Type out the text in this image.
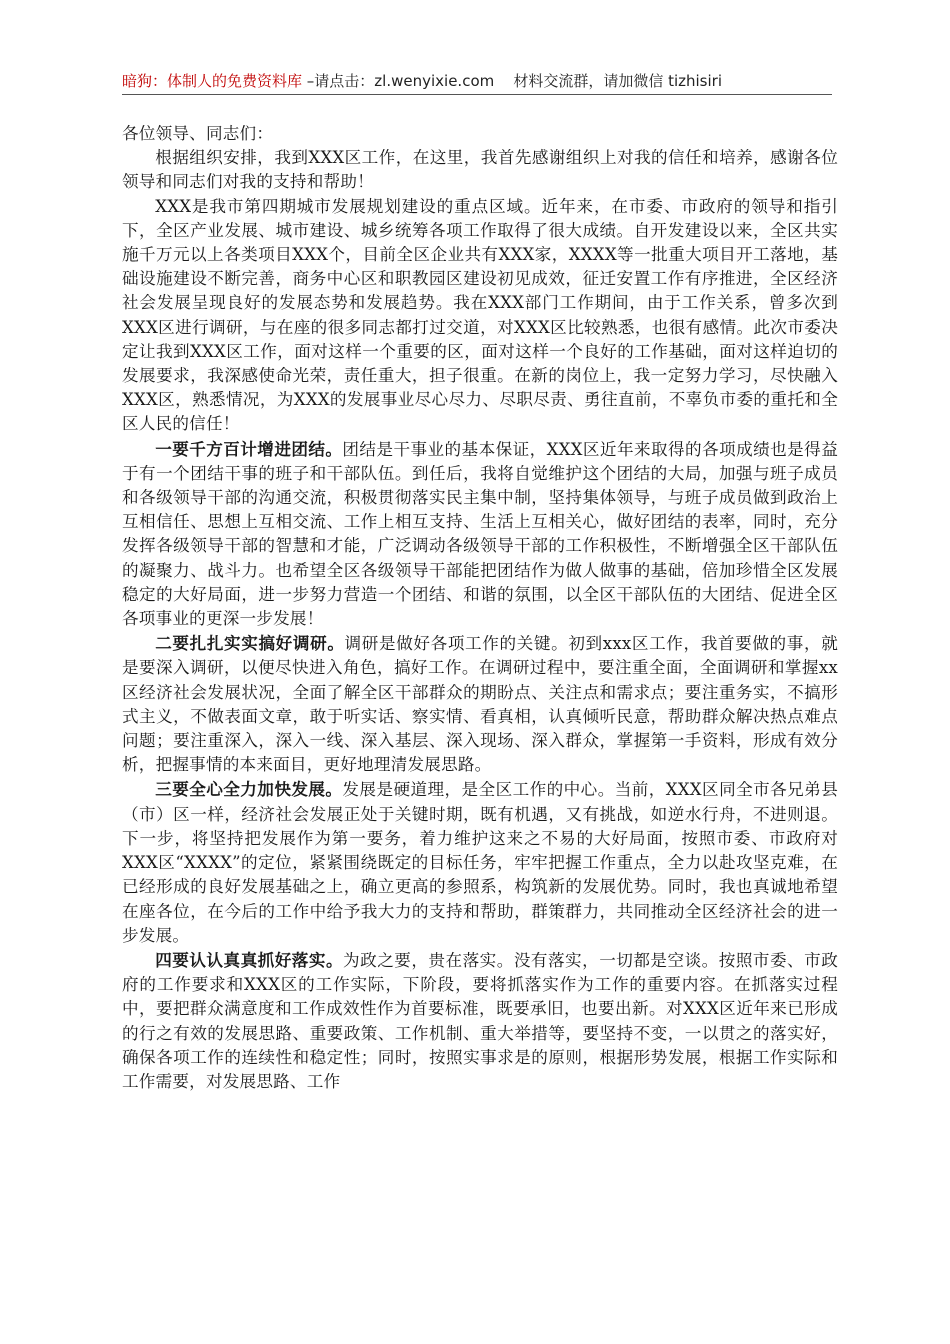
暗狗：体制人的免费资料库 –请点击：zl.wenyixie.com 材料交流群，请加微信 tizhisiri

各位领导、同志们：

根据组织安排，我到XXX区工作，在这里，我首先感谢组织上对我的信任和培养，感谢各位领导和同志们对我的支持和帮助！

XXX是我市第四期城市发展规划建设的重点区域。近年来，在市委、市政府的领导和指引下，全区产业发展、城市建设、城乡统筹各项工作取得了很大成绩。自开发建设以来，全区共实施千万元以上各类项目XXX个，目前全区企业共有XXX家，XXXX等一批重大项目开工落地，基础设施建设不断完善，商务中心区和职教园区建设初见成效，征迁安置工作有序推进，全区经济社会发展呈现良好的发展态势和发展趋势。我在XXX部门工作期间，由于工作关系，曾多次到XXX区进行调研，与在座的很多同志都打过交道，对XXX区比较熟悉，也很有感情。此次市委决定让我到XXX区工作，面对这样一个重要的区，面对这样一个良好的工作基础，面对这样迫切的发展要求，我深感使命光荣，责任重大，担子很重。在新的岗位上，我一定努力学习，尽快融入XXX区，熟悉情况，为XXX的发展事业尽心尽力、尽职尽责、勇往直前，不辜负市委的重托和全区人民的信任！

一要千方百计增进团结。团结是干事业的基本保证，XXX区近年来取得的各项成绩也是得益于有一个团结干事的班子和干部队伍。到任后，我将自觉维护这个团结的大局，加强与班子成员和各级领导干部的沟通交流，积极贯彻落实民主集中制，坚持集体领导，与班子成员做到政治上互相信任、思想上互相交流、工作上相互支持、生活上互相关心，做好团结的表率，同时，充分发挥各级领导干部的智慧和才能，广泛调动各级领导干部的工作积极性，不断增强全区干部队伍的凝聚力、战斗力。也希望全区各级领导干部能把团结作为做人做事的基础，倍加珍惜全区发展稳定的大好局面，进一步努力营造一个团结、和谐的氛围，以全区干部队伍的大团结、促进全区各项事业的更深一步发展！

二要扎扎实实搞好调研。调研是做好各项工作的关键。初到xxx区工作，我首要做的事，就是要深入调研，以便尽快进入角色，搞好工作。在调研过程中，要注重全面，全面调研和掌握xx区经济社会发展状况，全面了解全区干部群众的期盼点、关注点和需求点；要注重务实，不搞形式主义，不做表面文章，敢于听实话、察实情、看真相，认真倾听民意，帮助群众解决热点难点问题；要注重深入，深入一线、深入基层、深入现场、深入群众，掌握第一手资料，形成有效分析，把握事情的本来面目，更好地理清发展思路。

三要全心全力加快发展。发展是硬道理，是全区工作的中心。当前，XXX区同全市各兄弟县（市）区一样，经济社会发展正处于关键时期，既有机遇，又有挑战，如逆水行舟，不进则退。下一步，将坚持把发展作为第一要务，着力维护这来之不易的大好局面，按照市委、市政府对XXX区“XXXX”的定位，紧紧围绕既定的目标任务，牢牢把握工作重点，全力以赴攻坚克难，在已经形成的良好发展基础之上，确立更高的参照系，构筑新的发展优势。同时，我也真诚地希望在座各位，在今后的工作中给予我大力的支持和帮助，群策群力，共同推动全区经济社会的进一步发展。

四要认认真真抓好落实。为政之要，贵在落实。没有落实，一切都是空谈。按照市委、市政府的工作要求和XXX区的工作实际，下阶段，要将抓落实作为工作的重要内容。在抓落实过程中，要把群众满意度和工作成效性作为首要标准，既要承旧，也要出新。对XXX区近年来已形成的行之有效的发展思路、重要政策、工作机制、重大举措等，要坚持不变，一以贯之的落实好，确保各项工作的连续性和稳定性；同时，按照实事求是的原则，根据形势发展，根据工作实际和工作需要，对发展思路、工作
